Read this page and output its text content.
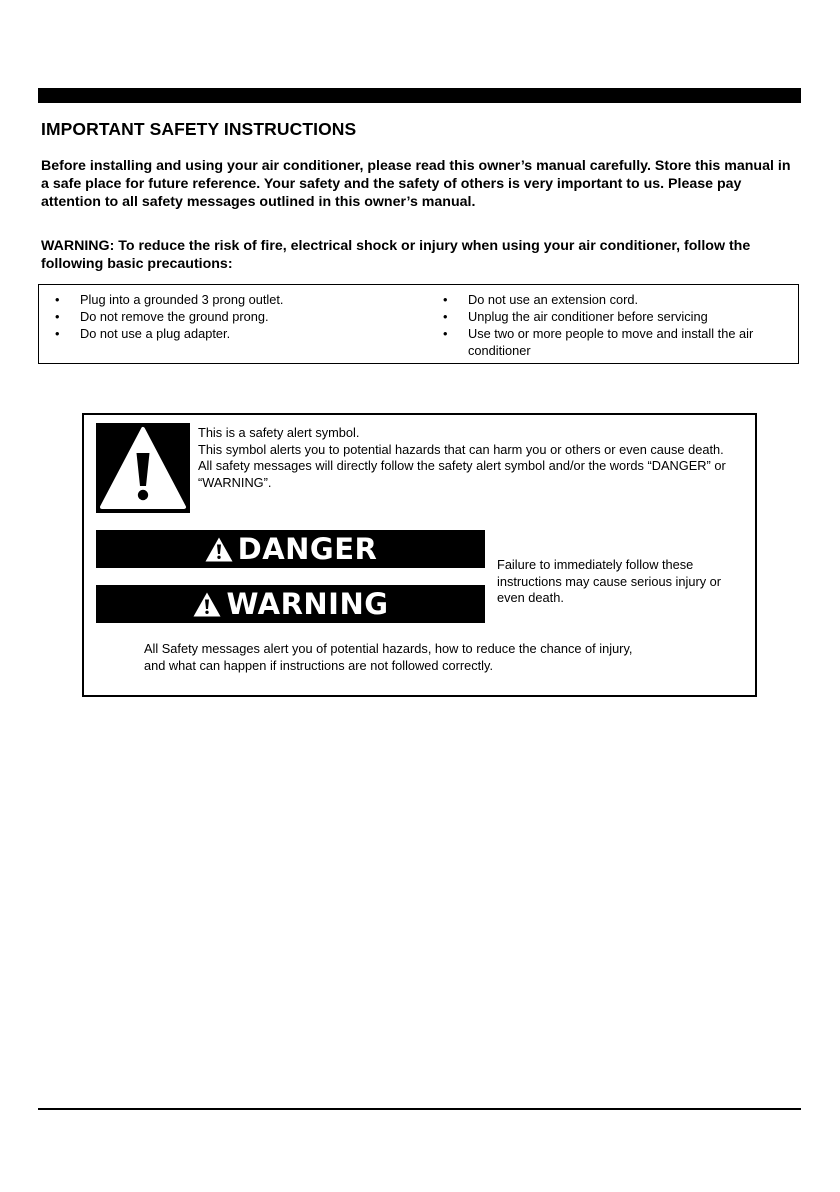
IMPORTANT SAFETY INSTRUCTIONS

Before installing and using your air conditioner, please read this owner’s manual carefully. Store this manual in a safe place for future reference. Your safety and the safety of others is very important to us. Please pay attention to all safety messages outlined in this owner’s manual.

WARNING: To reduce the risk of fire, electrical shock or injury when using your air conditioner, follow the following basic precautions:

• Plug into a grounded 3 prong outlet.
• Do not remove the ground prong.
• Do not use a plug adapter.
• Do not use an extension cord.
• Unplug the air conditioner before servicing
• Use two or more people to move and install the air conditioner

This is a safety alert symbol.
This symbol alerts you to potential hazards that can harm you or others or even cause death.
All safety messages will directly follow the safety alert symbol and/or the words “DANGER” or “WARNING”.

DANGER
WARNING

Failure to immediately follow these instructions may cause serious injury or even death.

All Safety messages alert you of potential hazards, how to reduce the chance of injury,
and what can happen if instructions are not followed correctly.
